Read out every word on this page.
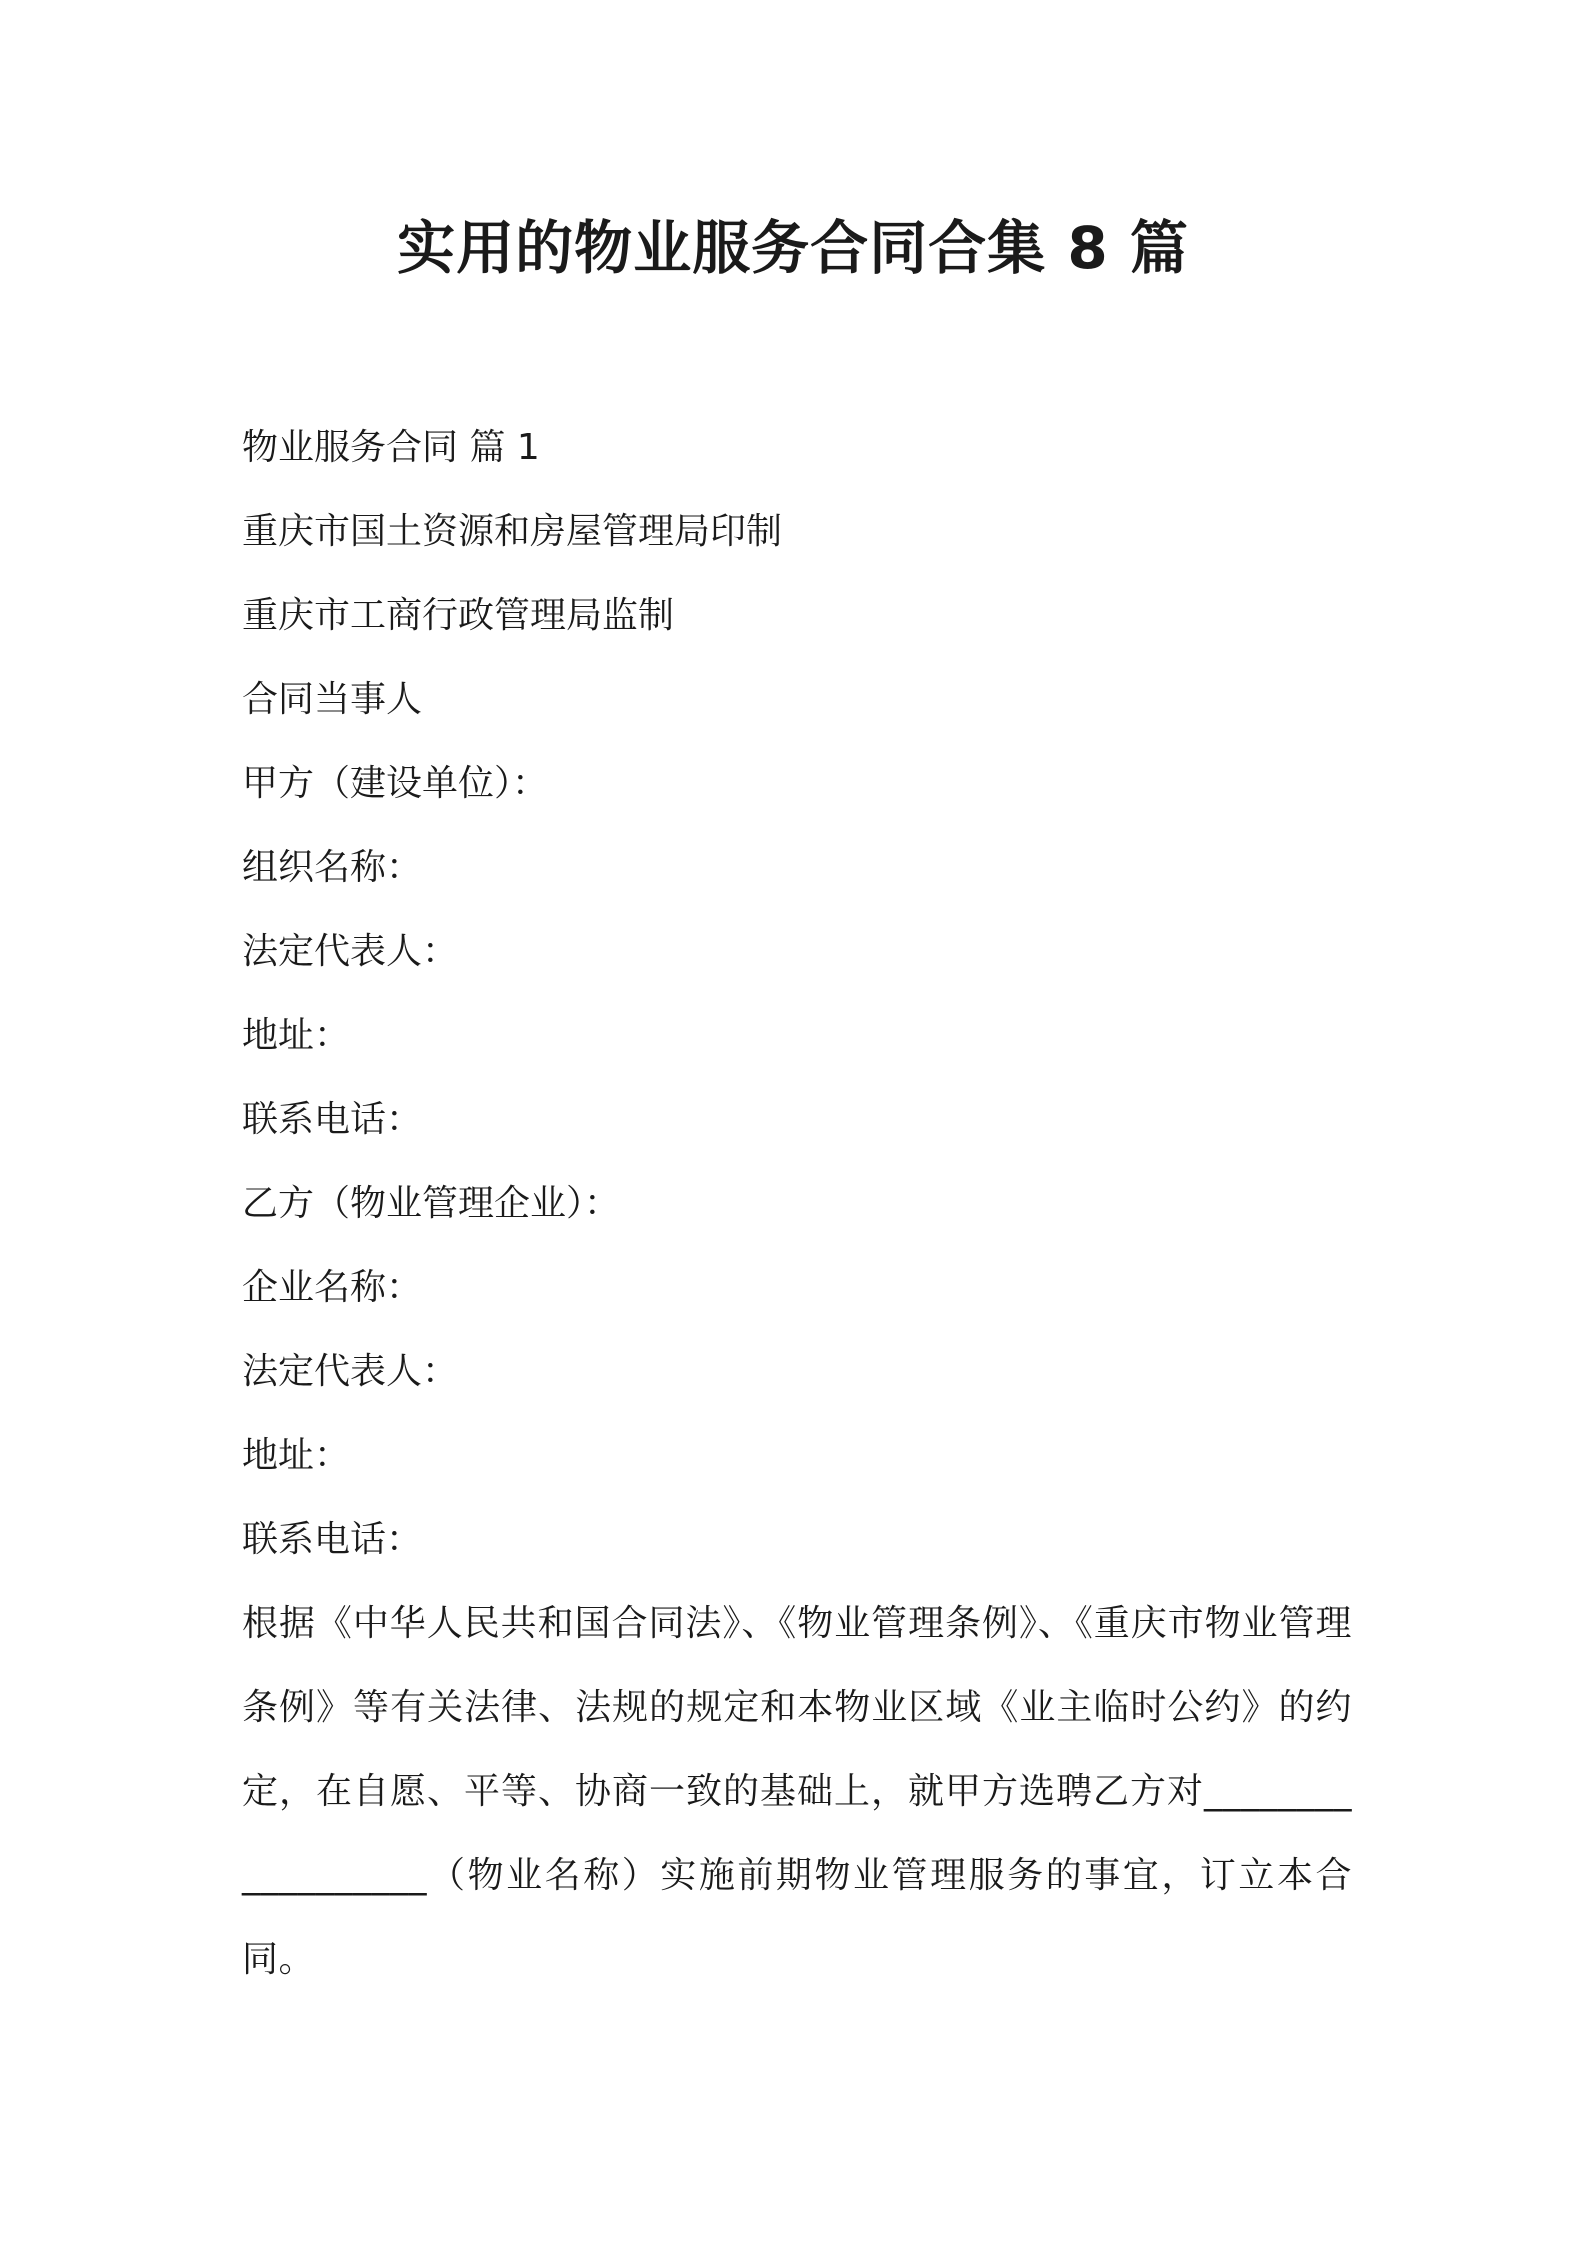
实用的物业服务合同合集 8 篇
物业服务合同 篇 1
重庆市国土资源和房屋管理局印制
重庆市工商行政管理局监制
合同当事人
甲方（建设单位）：
组织名称：
法定代表人：
地址：
联系电话：
乙方（物业管理企业）：
企业名称：
法定代表人：
地址：
联系电话：
根据《中华人民共和国合同法》、《物业管理条例》、《重庆市物业管理条例》等有关法律、法规的规定和本物业区域《业主临时公约》的约定，在自愿、平等、协商一致的基础上，就甲方选聘乙方对__________________（物业名称）实施前期物业管理服务的事宜，订立本合同。
